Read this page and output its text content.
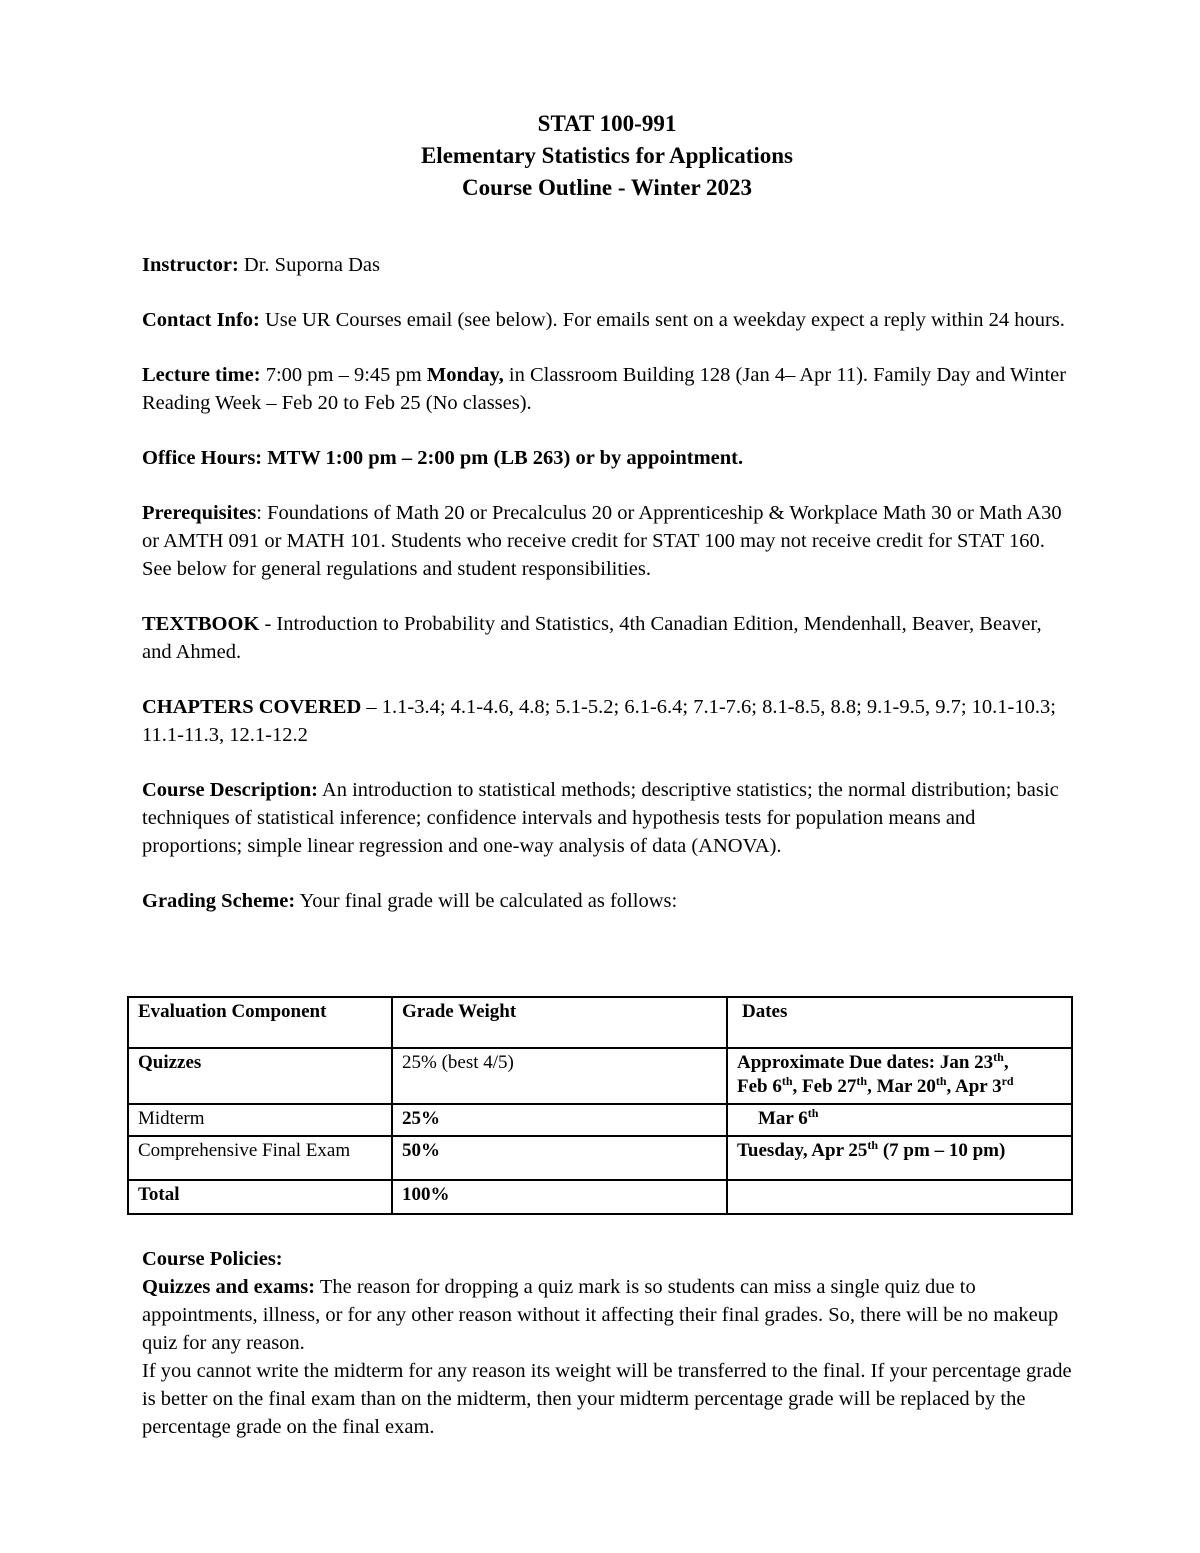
STAT 100-991
Elementary Statistics for Applications
Course Outline - Winter 2023

Instructor: Dr. Suporna Das

Contact Info: Use UR Courses email (see below). For emails sent on a weekday expect a reply within 24 hours.

Lecture time: 7:00 pm – 9:45 pm Monday, in Classroom Building 128 (Jan 4– Apr 11). Family Day and Winter Reading Week – Feb 20 to Feb 25 (No classes).

Office Hours: MTW 1:00 pm – 2:00 pm (LB 263) or by appointment.

Prerequisites: Foundations of Math 20 or Precalculus 20 or Apprenticeship & Workplace Math 30 or Math A30 or AMTH 091 or MATH 101. Students who receive credit for STAT 100 may not receive credit for STAT 160. See below for general regulations and student responsibilities.

TEXTBOOK - Introduction to Probability and Statistics, 4th Canadian Edition, Mendenhall, Beaver, Beaver, and Ahmed.

CHAPTERS COVERED – 1.1-3.4; 4.1-4.6, 4.8; 5.1-5.2; 6.1-6.4; 7.1-7.6; 8.1-8.5, 8.8; 9.1-9.5, 9.7; 10.1-10.3; 11.1-11.3, 12.1-12.2

Course Description: An introduction to statistical methods; descriptive statistics; the normal distribution; basic techniques of statistical inference; confidence intervals and hypothesis tests for population means and proportions; simple linear regression and one-way analysis of data (ANOVA).

Grading Scheme: Your final grade will be calculated as follows:

Evaluation Component	Grade Weight	Dates
Quizzes	25% (best 4/5)	Approximate Due dates: Jan 23th,
Feb 6th, Feb 27th, Mar 20th, Apr 3rd
Midterm	25%	Mar 6th
Comprehensive Final Exam	50%	Tuesday, Apr 25th (7 pm – 10 pm)
Total	100%	

Course Policies:

Quizzes and exams: The reason for dropping a quiz mark is so students can miss a single quiz due to appointments, illness, or for any other reason without it affecting their final grades. So, there will be no makeup quiz for any reason.

If you cannot write the midterm for any reason its weight will be transferred to the final. If your percentage grade is better on the final exam than on the midterm, then your midterm percentage grade will be replaced by the percentage grade on the final exam.
